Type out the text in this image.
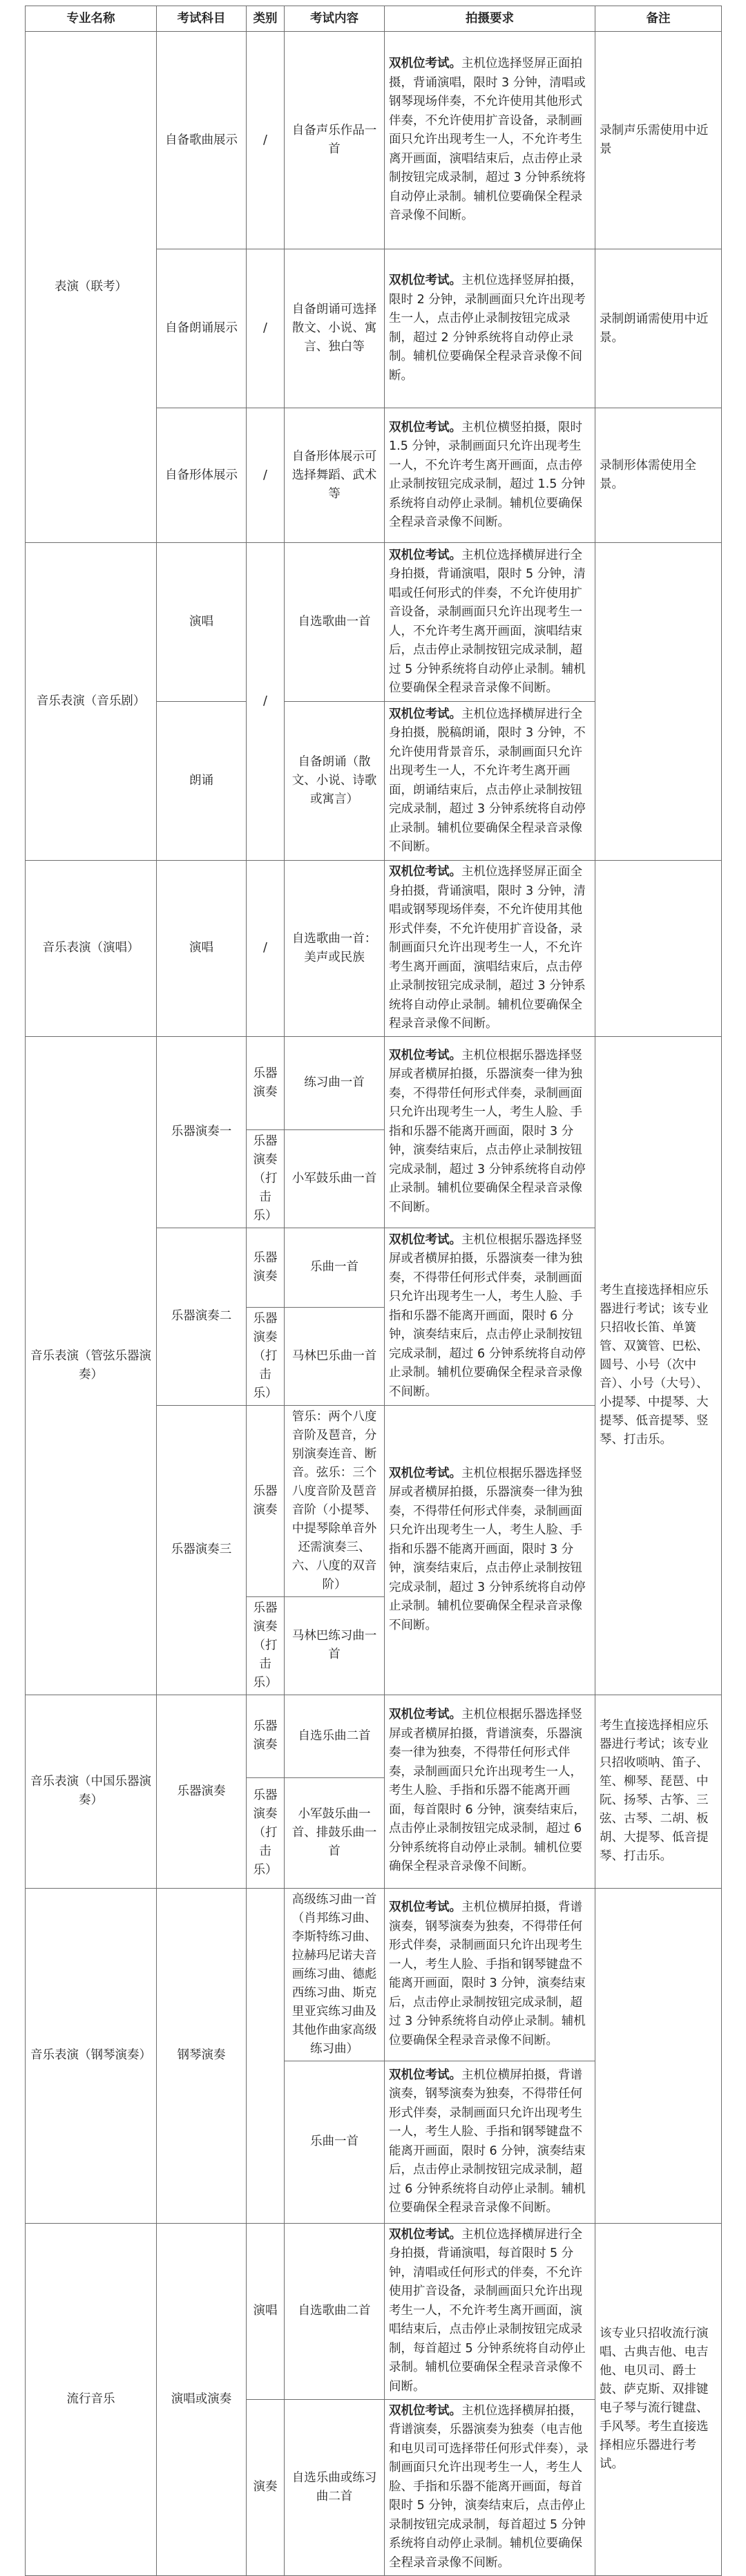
专业名称	考试科目	类别	考试内容	拍摄要求	备注
表演（联考）	自备歌曲展示	/	自备声乐作品一首	双机位考试。主机位选择竖屏正面拍摄，背诵演唱，限时 3 分钟，清唱或钢琴现场伴奏，不允许使用其他形式伴奏，不允许使用扩音设备，录制画面只允许出现考生一人，不允许考生离开画面，演唱结束后，点击停止录制按钮完成录制，超过 3 分钟系统将自动停止录制。辅机位要确保全程录音录像不间断。	录制声乐需使用中近景
	自备朗诵展示	/	自备朗诵可选择散文、小说、寓言、独白等	双机位考试。主机位选择竖屏拍摄，限时 2 分钟，录制画面只允许出现考生一人，点击停止录制按钮完成录制，超过 2 分钟系统将自动停止录制。辅机位要确保全程录音录像不间断。	录制朗诵需使用中近景。
	自备形体展示	/	自备形体展示可选择舞蹈、武术等	双机位考试。主机位横竖拍摄，限时 1.5 分钟，录制画面只允许出现考生一人，不允许考生离开画面，点击停止录制按钮完成录制，超过 1.5 分钟系统将自动停止录制。辅机位要确保全程录音录像不间断。	录制形体需使用全景。
音乐表演（音乐剧）	演唱	/	自选歌曲一首	双机位考试。主机位选择横屏进行全身拍摄，背诵演唱，限时 5 分钟，清唱或任何形式的伴奏，不允许使用扩音设备，录制画面只允许出现考生一人，不允许考生离开画面，演唱结束后，点击停止录制按钮完成录制，超过 5 分钟系统将自动停止录制。辅机位要确保全程录音录像不间断。	
	朗诵		自备朗诵（散文、小说、诗歌或寓言）	双机位考试。主机位选择横屏进行全身拍摄，脱稿朗诵，限时 3 分钟，不允许使用背景音乐，录制画面只允许出现考生一人，不允许考生离开画面，朗诵结束后，点击停止录制按钮完成录制，超过 3 分钟系统将自动停止录制。辅机位要确保全程录音录像不间断。	
音乐表演（演唱）	演唱	/	自选歌曲一首：美声或民族	双机位考试。主机位选择竖屏正面全身拍摄，背诵演唱，限时 3 分钟，清唱或钢琴现场伴奏，不允许使用其他形式伴奏，不允许使用扩音设备，录制画面只允许出现考生一人，不允许考生离开画面，演唱结束后，点击停止录制按钮完成录制，超过 3 分钟系统将自动停止录制。辅机位要确保全程录音录像不间断。	
音乐表演（管弦乐器演奏）	乐器演奏一	乐器演奏	练习曲一首	双机位考试。主机位根据乐器选择竖屏或者横屏拍摄，乐器演奏一律为独奏，不得带任何形式伴奏，录制画面只允许出现考生一人，考生人脸、手指和乐器不能离开画面，限时 3 分钟，演奏结束后，点击停止录制按钮完成录制，超过 3 分钟系统将自动停止录制。辅机位要确保全程录音录像不间断。	考生直接选择相应乐器进行考试；该专业只招收长笛、单簧管、双簧管、巴松、圆号、小号（次中音）、小号（大号）、小提琴、中提琴、大提琴、低音提琴、竖琴、打击乐。
		乐器演奏（打击乐）	小军鼓乐曲一首		
	乐器演奏二	乐器演奏	乐曲一首	双机位考试。主机位根据乐器选择竖屏或者横屏拍摄，乐器演奏一律为独奏，不得带任何形式伴奏，录制画面只允许出现考生一人，考生人脸、手指和乐器不能离开画面，限时 6 分钟，演奏结束后，点击停止录制按钮完成录制，超过 6 分钟系统将自动停止录制。辅机位要确保全程录音录像不间断。	
		乐器演奏（打击乐）	马林巴乐曲一首		
	乐器演奏三	乐器演奏	管乐：两个八度音阶及琶音，分别演奏连音、断音。弦乐：三个八度音阶及琶音音阶（小提琴、中提琴除单音外还需演奏三、六、八度的双音阶）	双机位考试。主机位根据乐器选择竖屏或者横屏拍摄，乐器演奏一律为独奏，不得带任何形式伴奏，录制画面只允许出现考生一人，考生人脸、手指和乐器不能离开画面，限时 3 分钟，演奏结束后，点击停止录制按钮完成录制，超过 3 分钟系统将自动停止录制。辅机位要确保全程录音录像不间断。	
		乐器演奏（打击乐）	马林巴练习曲一首		
音乐表演（中国乐器演奏）	乐器演奏	乐器演奏	自选乐曲二首	双机位考试。主机位根据乐器选择竖屏或者横屏拍摄，背谱演奏，乐器演奏一律为独奏，不得带任何形式伴奏，录制画面只允许出现考生一人，考生人脸、手指和乐器不能离开画面，每首限时 6 分钟，演奏结束后，点击停止录制按钮完成录制，超过 6 分钟系统将自动停止录制。辅机位要确保全程录音录像不间断。	考生直接选择相应乐器进行考试；该专业只招收唢呐、笛子、笙、柳琴、琵琶、中阮、扬琴、古筝、三弦、古琴、二胡、板胡、大提琴、低音提琴、打击乐。
		乐器演奏（打击乐）	小军鼓乐曲一首、排鼓乐曲一首		
音乐表演（钢琴演奏）	钢琴演奏		高级练习曲一首（肖邦练习曲、李斯特练习曲、拉赫玛尼诺夫音画练习曲、德彪西练习曲、斯克里亚宾练习曲及其他作曲家高级练习曲）	双机位考试。主机位横屏拍摄，背谱演奏，钢琴演奏为独奏，不得带任何形式伴奏，录制画面只允许出现考生一人，考生人脸、手指和钢琴键盘不能离开画面，限时 3 分钟，演奏结束后，点击停止录制按钮完成录制，超过 3 分钟系统将自动停止录制。辅机位要确保全程录音录像不间断。	
			乐曲一首	双机位考试。主机位横屏拍摄，背谱演奏，钢琴演奏为独奏，不得带任何形式伴奏，录制画面只允许出现考生一人，考生人脸、手指和钢琴键盘不能离开画面，限时 6 分钟，演奏结束后，点击停止录制按钮完成录制，超过 6 分钟系统将自动停止录制。辅机位要确保全程录音录像不间断。	
流行音乐	演唱或演奏	演唱	自选歌曲二首	双机位考试。主机位选择横屏进行全身拍摄，背诵演唱，每首限时 5 分钟，清唱或任何形式的伴奏，不允许使用扩音设备，录制画面只允许出现考生一人，不允许考生离开画面，演唱结束后，点击停止录制按钮完成录制，每首超过 5 分钟系统将自动停止录制。辅机位要确保全程录音录像不间断。	该专业只招收流行演唱、古典吉他、电吉他、电贝司、爵士鼓、萨克斯、双排键电子琴与流行键盘、手风琴。考生直接选择相应乐器进行考试。
		演奏	自选乐曲或练习曲二首	双机位考试。主机位选择横屏拍摄，背谱演奏，乐器演奏为独奏（电吉他和电贝司可选择带任何形式伴奏），录制画面只允许出现考生一人，考生人脸、手指和乐器不能离开画面，每首限时 5 分钟，演奏结束后，点击停止录制按钮完成录制，每首超过 5 分钟系统将自动停止录制。辅机位要确保全程录音录像不间断。	
